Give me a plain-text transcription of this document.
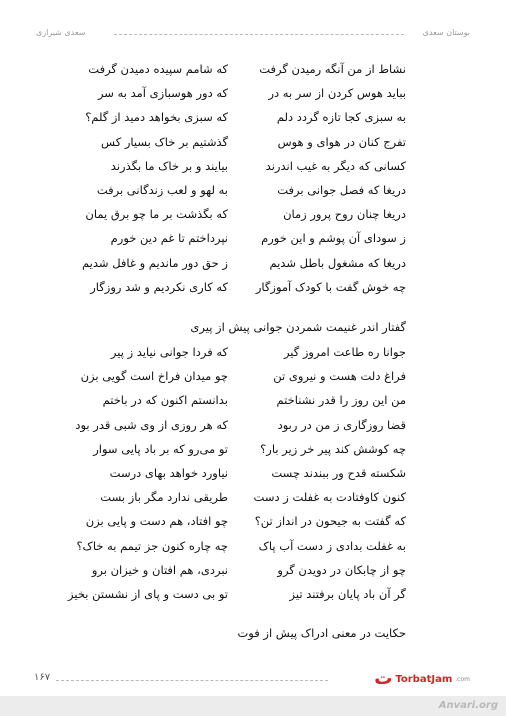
سعدی شیرازی	بوستان سعدی
نشاط از من آنگه رمیدن گرفت
که شامم سپیده دمیدن گرفت
بباید هوس کردن از سر به در
که دور هوسبازی آمد به سر
به سبزی کجا تازه گردد دلم
که سبزی بخواهد دمید از گلم؟
تفرج کنان در هوای و هوس
گذشتیم بر خاک بسیار کس
کسانی که دیگر به غیب اندرند
بیایند و بر خاک ما بگذرند
دریغا که فصل جوانی برفت
به لهو و لعب زندگانی برفت
دریغا چنان روح پرور زمان
که بگذشت بر ما چو برق یمان
ز سودای آن پوشم و این خورم
نپرداختم تا غم دین خورم
دریغا که مشغول باطل شدیم
ز حق دور ماندیم و غافل شدیم
چه خوش گفت با کودک آموزگار
که کاری نکردیم و شد روزگار
گفتار اندر غنیمت شمردن جوانی پیش از پیری
جوانا ره طاعت امروز گیر
که فردا جوانی نیاید ز پیر
فراغ دلت هست و نیروی تن
چو میدان فراخ است گویی بزن
من این روز را قدر نشناختم
بدانستم اکنون که در باختم
قضا روزگاری ز من در ربود
که هر روزی از وی شبی قدر بود
چه کوشش کند پیر خر زیر بار؟
تو می‌رو که بر باد پایی سوار
شکسته قدح ور ببندند چست
نیاورد خواهد بهای درست
کنون کاوفتادت به غفلت ز دست
طریقی ندارد مگر باز بست
که گفتت به جیحون در انداز تن؟
چو افتاد، هم دست و پایی بزن
به غفلت بدادی ز دست آب پاک
چه چاره کنون جز تیمم به خاک؟
چو از چابکان در دویدن گرو
نبردی، هم افتان و خیزان برو
گر آن باد پایان برفتند تیز
تو بی دست و پای از نشستن بخیز
حکایت در معنی ادراک پیش از فوت
۱۶۷	ت TorbatJam .com
Anvari.org
